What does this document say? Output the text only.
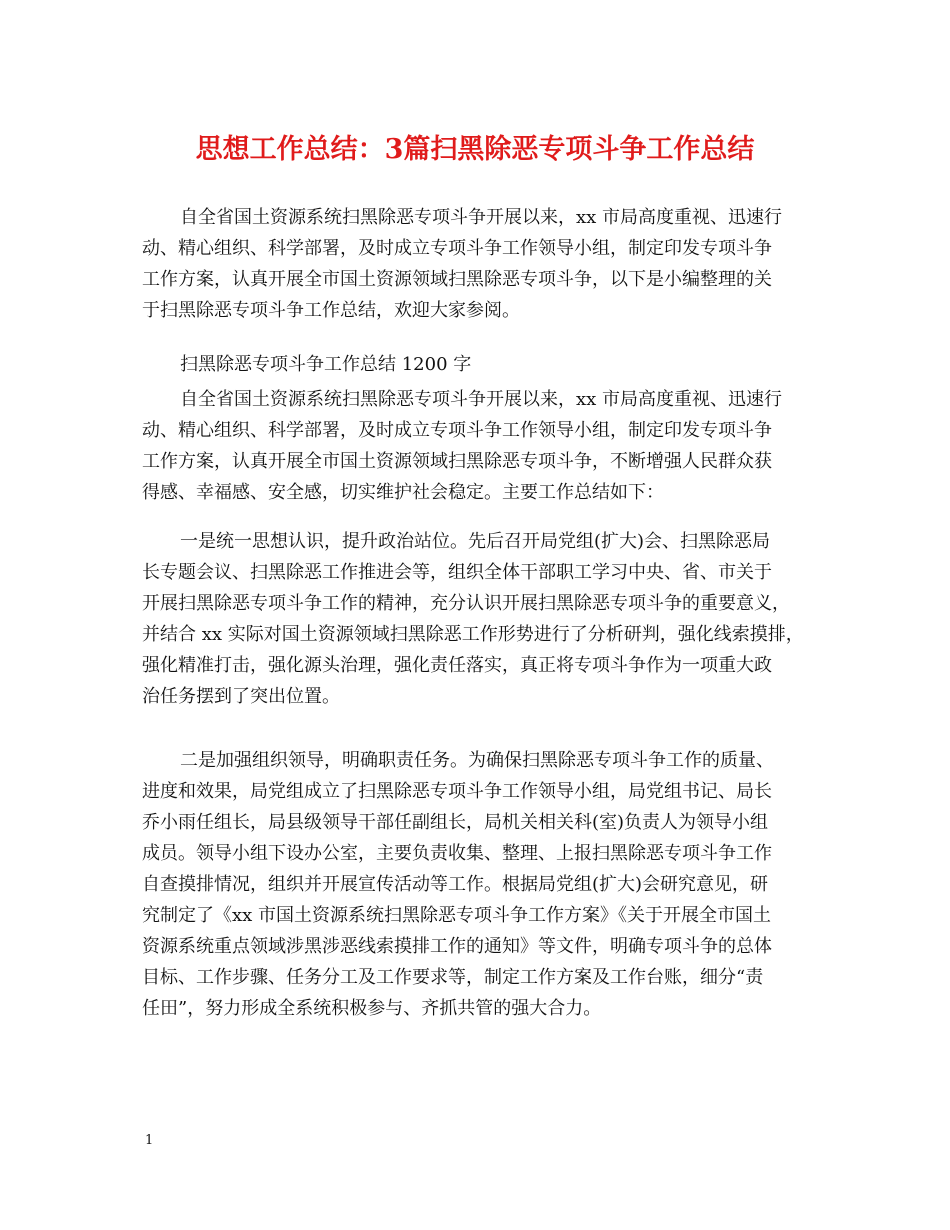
思想工作总结：3篇扫黑除恶专项斗争工作总结
自全省国土资源系统扫黑除恶专项斗争开展以来，xx 市局高度重视、迅速行
动、精心组织、科学部署，及时成立专项斗争工作领导小组，制定印发专项斗争
工作方案，认真开展全市国土资源领域扫黑除恶专项斗争，以下是小编整理的关
于扫黑除恶专项斗争工作总结，欢迎大家参阅。
扫黑除恶专项斗争工作总结 1200 字
自全省国土资源系统扫黑除恶专项斗争开展以来，xx 市局高度重视、迅速行
动、精心组织、科学部署，及时成立专项斗争工作领导小组，制定印发专项斗争
工作方案，认真开展全市国土资源领域扫黑除恶专项斗争，不断增强人民群众获
得感、幸福感、安全感，切实维护社会稳定。主要工作总结如下：
一是统一思想认识，提升政治站位。先后召开局党组(扩大)会、扫黑除恶局
长专题会议、扫黑除恶工作推进会等，组织全体干部职工学习中央、省、市关于
开展扫黑除恶专项斗争工作的精神，充分认识开展扫黑除恶专项斗争的重要意义，
并结合 xx 实际对国土资源领域扫黑除恶工作形势进行了分析研判，强化线索摸排，
强化精准打击，强化源头治理，强化责任落实，真正将专项斗争作为一项重大政
治任务摆到了突出位置。
二是加强组织领导，明确职责任务。为确保扫黑除恶专项斗争工作的质量、
进度和效果，局党组成立了扫黑除恶专项斗争工作领导小组，局党组书记、局长
乔小雨任组长，局县级领导干部任副组长，局机关相关科(室)负责人为领导小组
成员。领导小组下设办公室，主要负责收集、整理、上报扫黑除恶专项斗争工作
自查摸排情况，组织并开展宣传活动等工作。根据局党组(扩大)会研究意见，研
究制定了《xx 市国土资源系统扫黑除恶专项斗争工作方案》《关于开展全市国土
资源系统重点领域涉黑涉恶线索摸排工作的通知》等文件，明确专项斗争的总体
目标、工作步骤、任务分工及工作要求等，制定工作方案及工作台账，细分“责
任田”，努力形成全系统积极参与、齐抓共管的强大合力。
1
